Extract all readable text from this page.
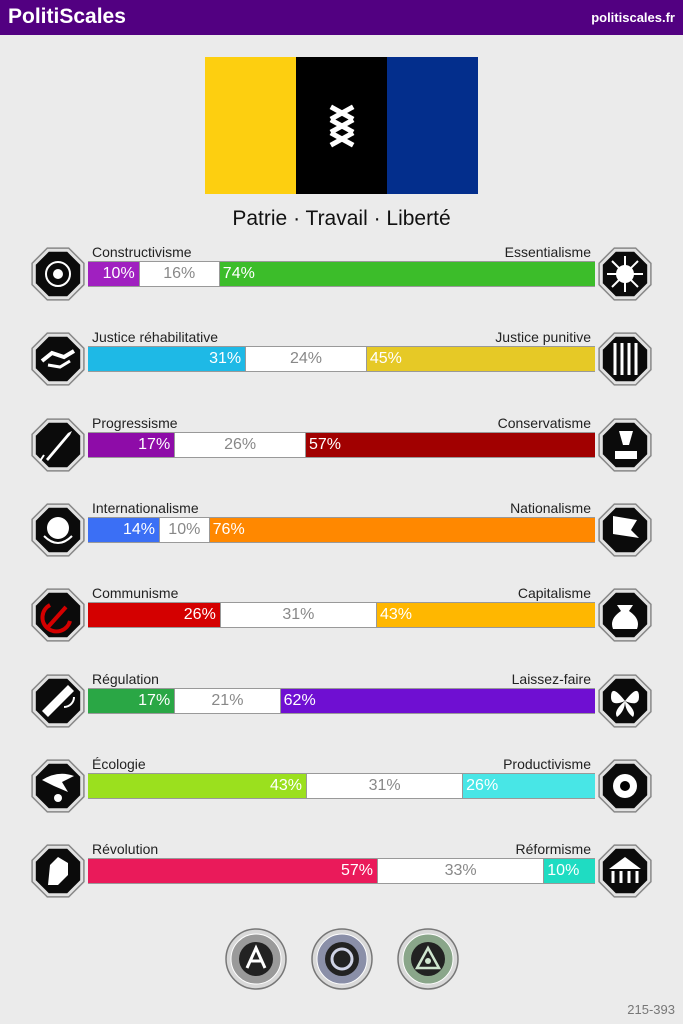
PolitiScales	politiscales.fr
Patrie · Travail · Liberté
Constructivisme	Essentialisme
10%	16%	74%
Justice réhabilitative	Justice punitive
31%	24%	45%
Progressisme	Conservatisme
17%	26%	57%
Internationalisme	Nationalisme
14% 10% 76%
Communisme	Capitalisme
26%	31%	43%
Régulation	Laissez-faire
17%	21%	62%
Écologie	Productivisme
43%	31%	26%
Révolution	Réformisme
57%	33%	10%
215-393
